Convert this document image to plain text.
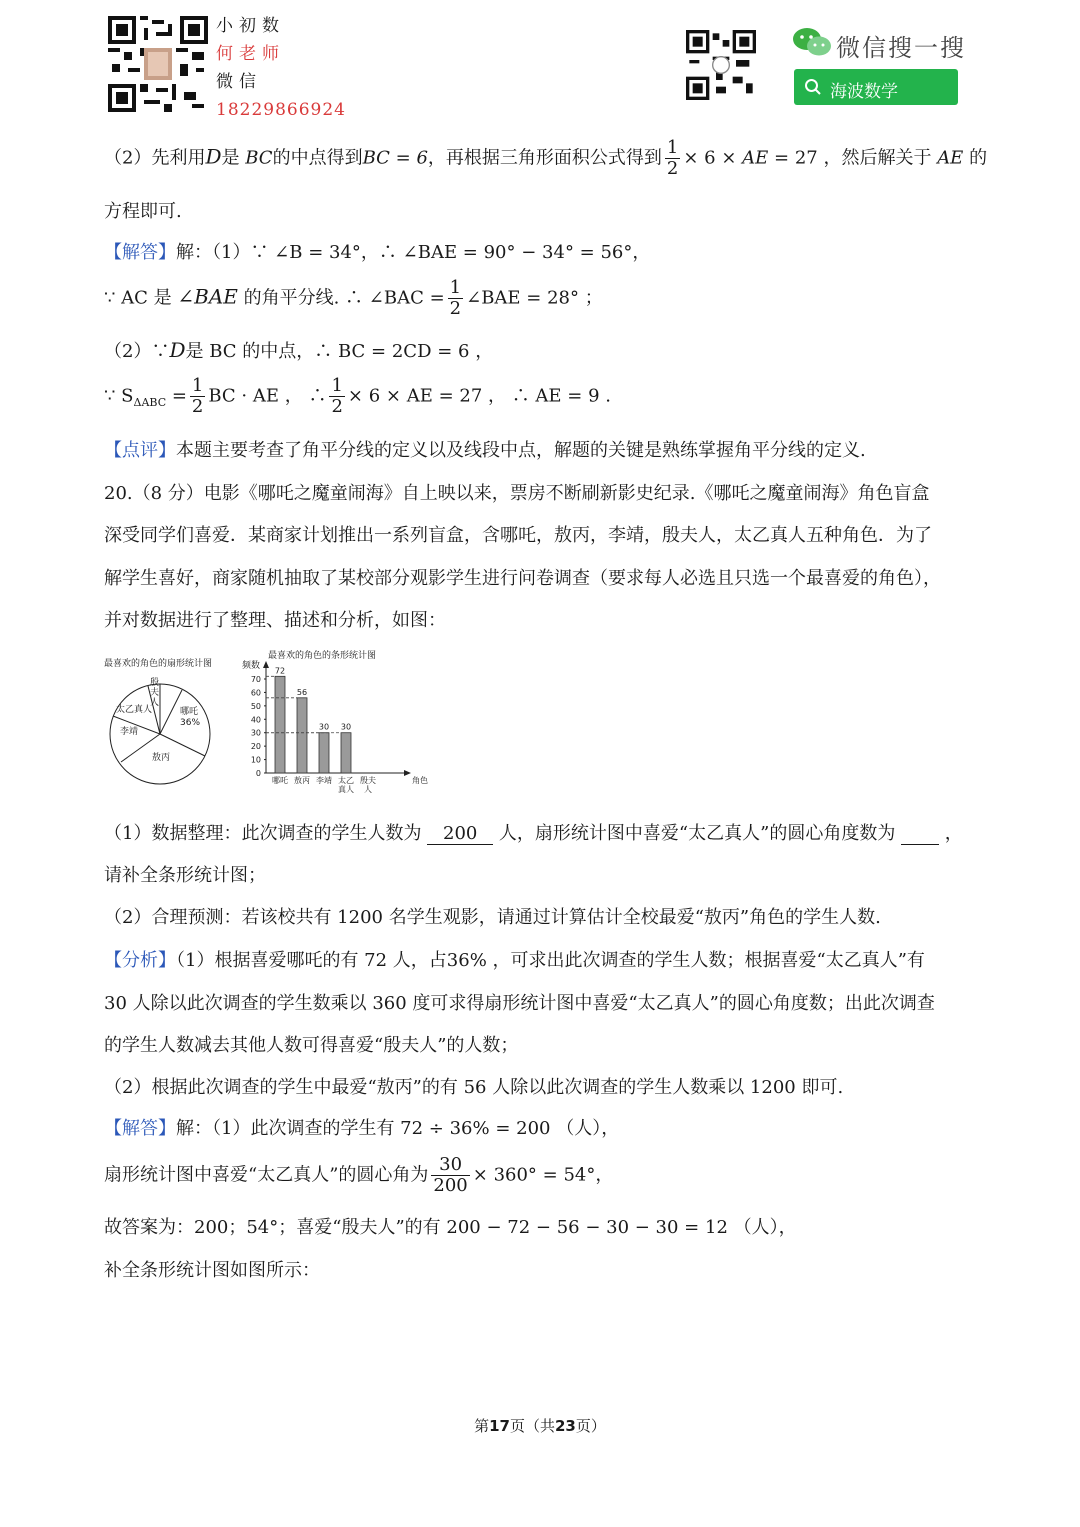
小初数
何老师
微信
18229866924
微信搜一搜
海波数学
（2）先利用D是 BC的中点得到BC = 6，再根据三角形面积公式得到 $\frac{1}{2} \times 6$ × AE = 27 ，然后解关于 AE 的
方程即可.
【解答】解：（1）∵ ∠B = 34°，∴ ∠BAE = 90° − 34° = 56°，
∵ AC 是 ∠BAE 的角平分线. ∴ ∠BAC = $\frac{1}{2}$ ∠BAE = 28° ；
（2）∵D是 BC 的中点，∴ BC = 2CD = 6 ，
∵ $S_{\Delta ABC} = \frac{1}{2}$ BC · AE ， ∴ $\frac{1}{2} \times 6$ × AE = 27 ， ∴ AE = 9 .
【点评】本题主要考查了角平分线的定义以及线段中点，解题的关键是熟练掌握角平分线的定义.
20.（8 分）电影《哪吒之魔童闹海》自上映以来，票房不断刷新影史纪录.《哪吒之魔童闹海》角色盲盒
深受同学们喜爱．某商家计划推出一系列盲盒，含哪吒，敖丙，李靖，殷夫人，太乙真人五种角色．为了
解学生喜好，商家随机抽取了某校部分观影学生进行问卷调查（要求每人必选且只选一个最喜爱的角色），
并对数据进行了整理、描述和分析，如图：
最喜欢的角色的扇形统计图
殷夫人
太乙真人	哪吒
36%
李靖
敖丙
最喜欢的角色的条形统计图
频数
0
10
20
30
40
50
60
70
72
哪吒
56
敖丙
30
李靖
30
太乙
真人
殷夫
人
角色
（1）数据整理：此次调查的学生人数为 200 人，扇形统计图中喜爱“太乙真人”的圆心角度数为	，
请补全条形统计图；
（2）合理预测：若该校共有 1200 名学生观影，请通过计算估计全校最爱“敖丙”角色的学生人数.
【分析】（1）根据喜爱哪吒的有 72 人，占36% ，可求出此次调查的学生人数；根据喜爱“太乙真人”有
30 人除以此次调查的学生数乘以 360 度可求得扇形统计图中喜爱“太乙真人”的圆心角度数；出此次调查
的学生人数减去其他人数可得喜爱“殷夫人”的人数；
（2）根据此次调查的学生中最爱“敖丙”的有 56 人除以此次调查的学生人数乘以 1200 即可.
【解答】解：（1）此次调查的学生有 72 ÷ 36% = 200 （人），
扇形统计图中喜爱“太乙真人”的圆心角为 $\frac{30}{200} \times 360^\circ = 54^\circ$，
故答案为：200；54°；喜爱“殷夫人”的有 200 − 72 − 56 − 30 − 30 = 12 （人），
补全条形统计图如图所示：
第17页（共23页）
